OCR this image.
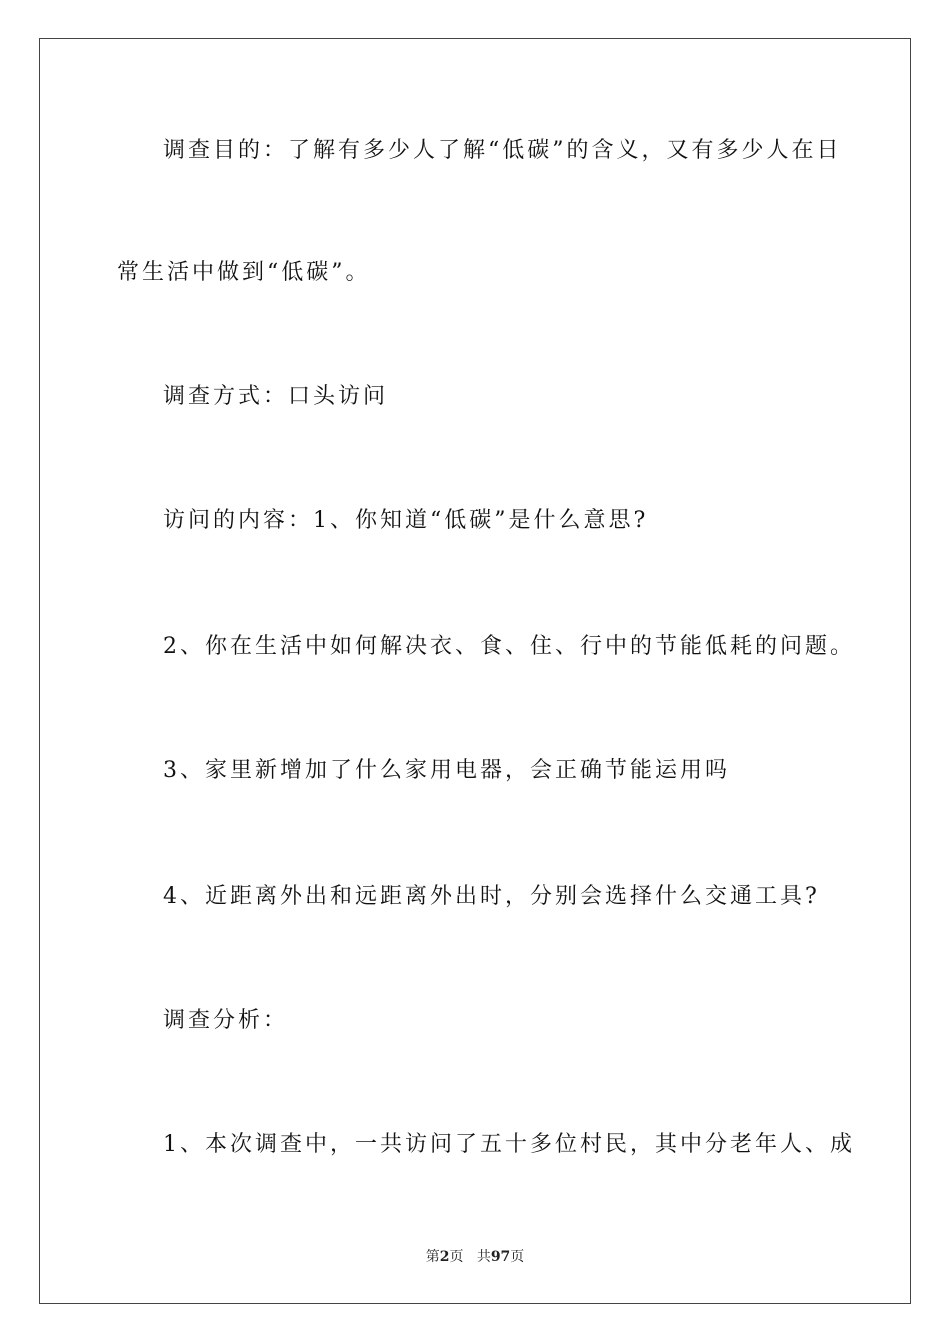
调查目的：了解有多少人了解“低碳”的含义，又有多少人在日
常生活中做到“低碳”。
调查方式：口头访问
访问的内容：1、你知道“低碳”是什么意思?
2、你在生活中如何解决衣、食、住、行中的节能低耗的问题。
3、家里新增加了什么家用电器，会正确节能运用吗
4、近距离外出和远距离外出时，分别会选择什么交通工具?
调查分析：
1、本次调查中，一共访问了五十多位村民，其中分老年人、成
第2页 共97页
